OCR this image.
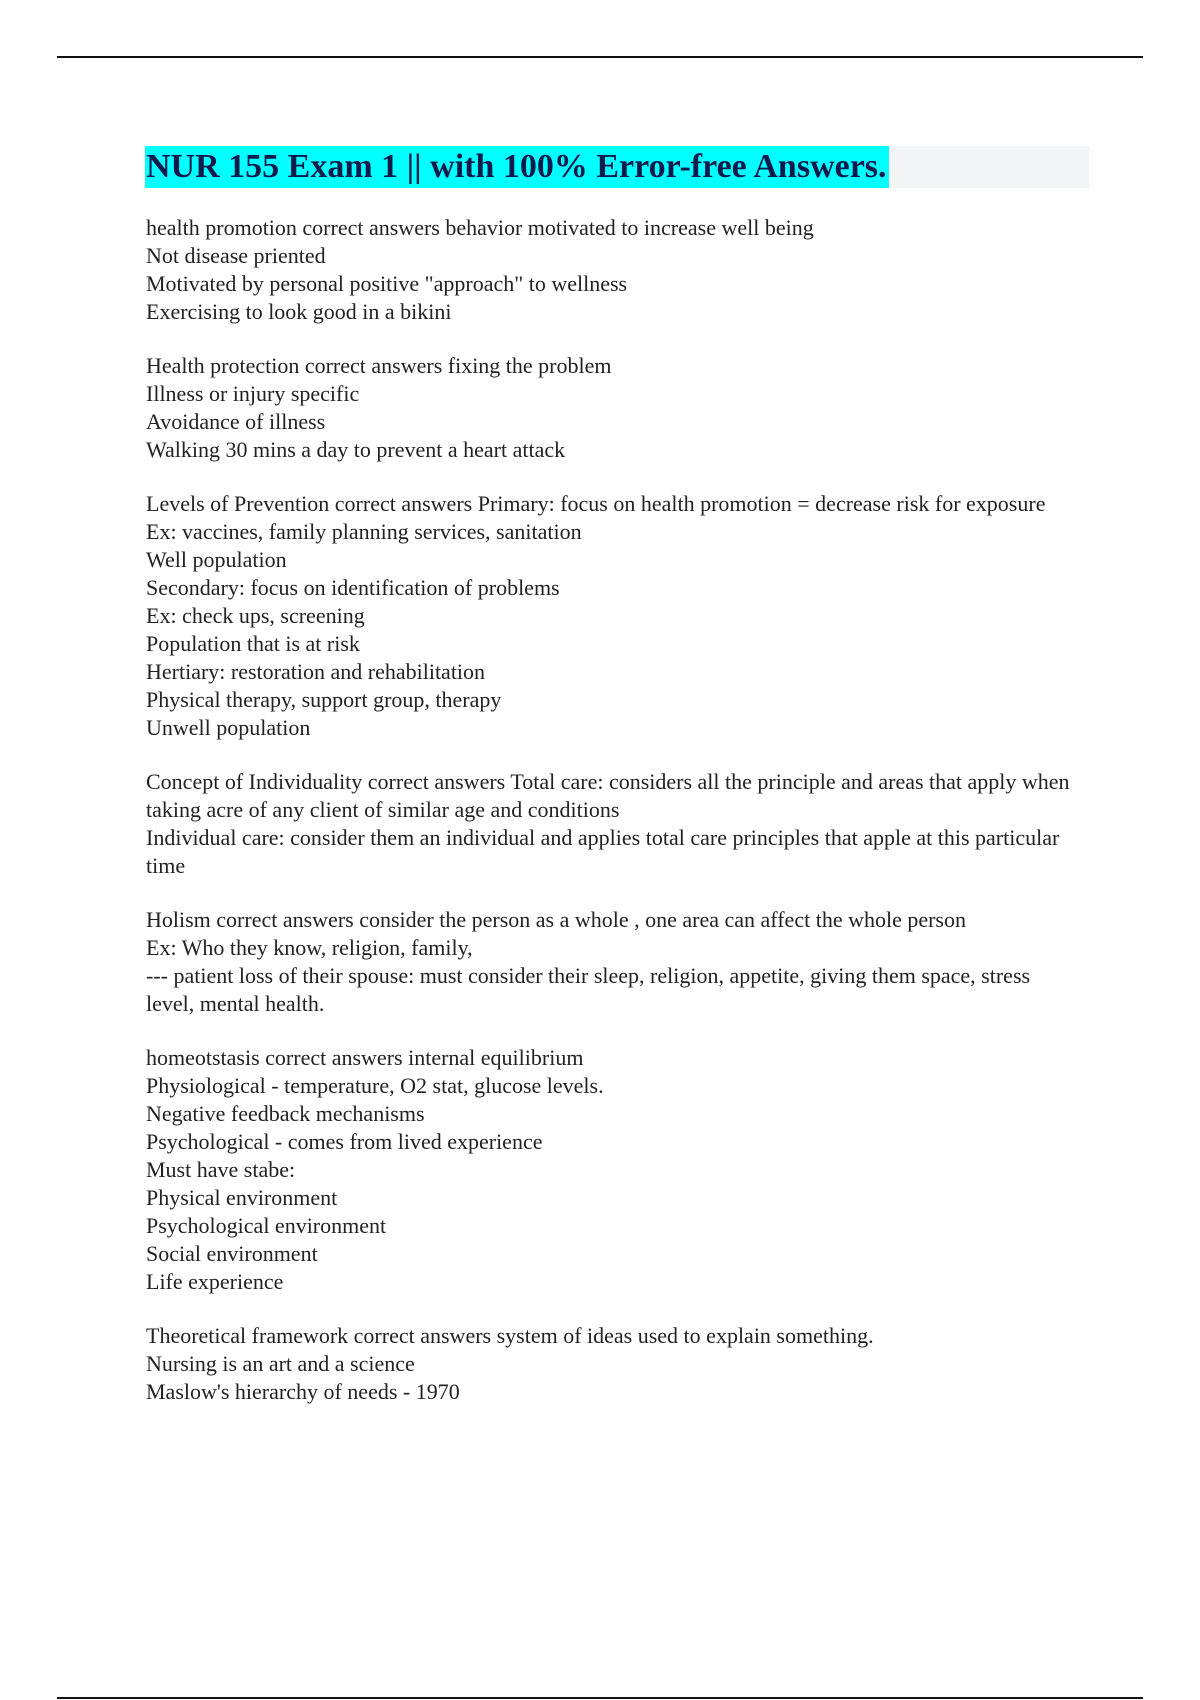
NUR 155 Exam 1 || with 100% Error-free Answers.
health promotion correct answers behavior motivated to increase well being
Not disease priented
Motivated by personal positive "approach" to wellness
Exercising to look good in a bikini
Health protection correct answers fixing the problem
Illness or injury specific
Avoidance of illness
Walking 30 mins a day to prevent a heart attack
Levels of Prevention correct answers Primary: focus on health promotion = decrease risk for exposure
Ex: vaccines, family planning services, sanitation
Well population
Secondary: focus on identification of problems
Ex: check ups, screening
Population that is at risk
Hertiary: restoration and rehabilitation
Physical therapy, support group, therapy
Unwell population
Concept of Individuality correct answers Total care: considers all the principle and areas that apply when taking acre of any client of similar age and conditions
Individual care: consider them an individual and applies total care principles that apple at this particular time
Holism correct answers consider the person as a whole , one area can affect the whole person
Ex: Who they know, religion, family,
--- patient loss of their spouse: must consider their sleep, religion, appetite, giving them space, stress level, mental health.
homeotstasis correct answers internal equilibrium
Physiological - temperature, O2 stat, glucose levels.
Negative feedback mechanisms
Psychological - comes from lived experience
Must have stabe:
Physical environment
Psychological environment
Social environment
Life experience
Theoretical framework correct answers system of ideas used to explain something.
Nursing is an art and a science
Maslow's hierarchy of needs - 1970
